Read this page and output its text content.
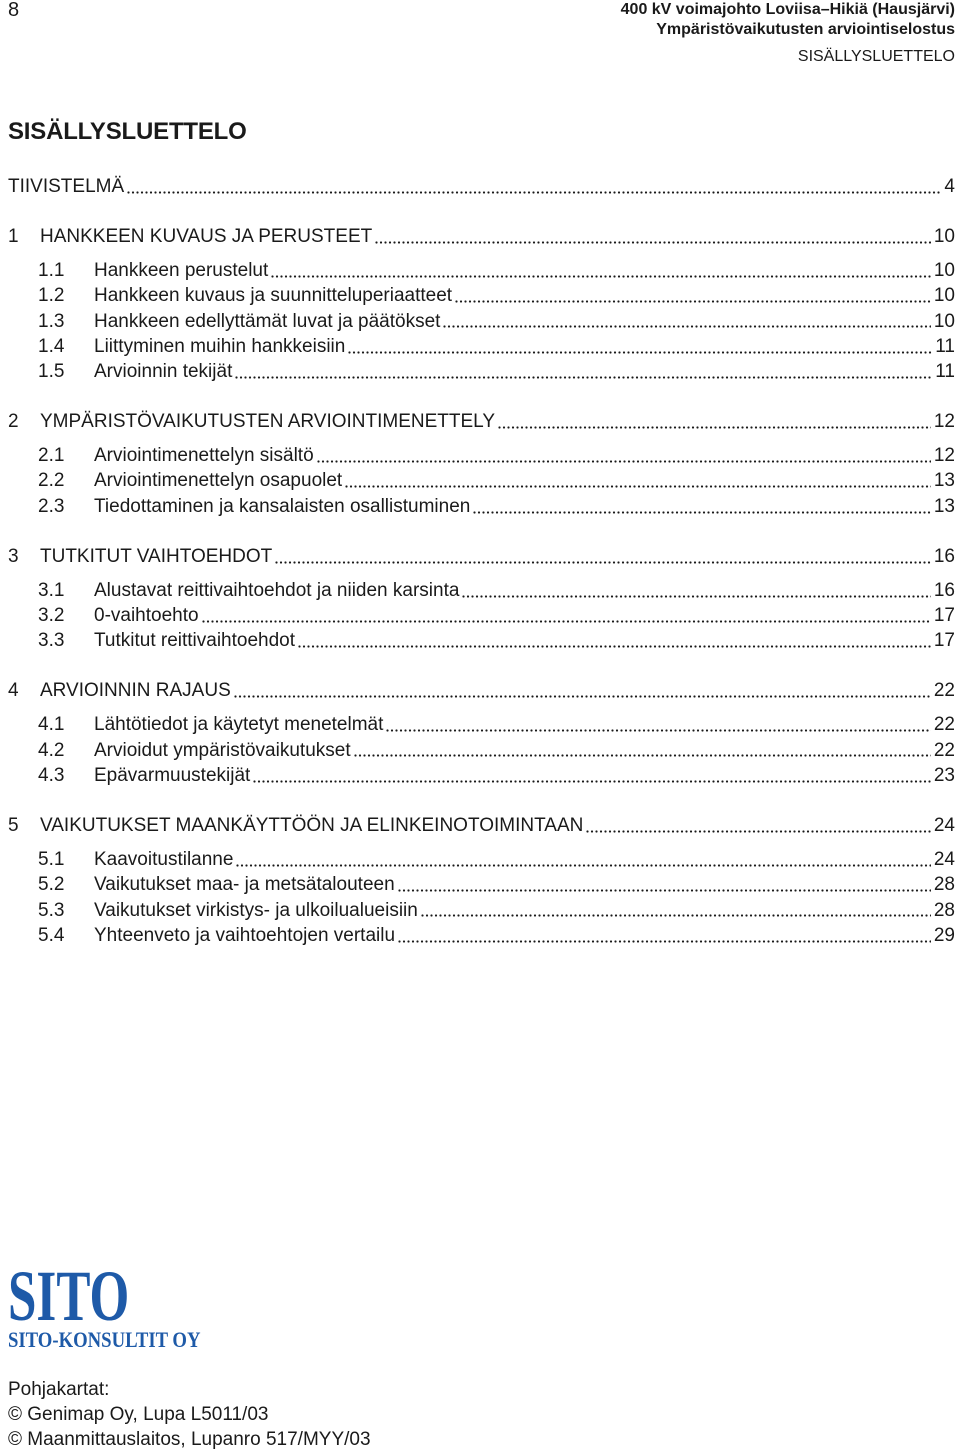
8	400 kV voimajohto Loviisa–Hikiä (Hausjärvi)
Ympäristövaikutusten arviointiselostus
SISÄLLYSLUETTELO
SISÄLLYSLUETTELO
TIIVISTELMÄ	4
1	HANKKEEN KUVAUS JA PERUSTEET	10
1.1	Hankkeen perustelut	10
1.2	Hankkeen kuvaus ja suunnitteluperiaatteet	10
1.3	Hankkeen edellyttämät luvat ja päätökset	10
1.4	Liittyminen muihin hankkeisiin	11
1.5	Arvioinnin tekijät	11
2	YMPÄRISTÖVAIKUTUSTEN ARVIOINTIMENETTELY	12
2.1	Arviointimenettelyn sisältö	12
2.2	Arviointimenettelyn osapuolet	13
2.3	Tiedottaminen ja kansalaisten osallistuminen	13
3	TUTKITUT VAIHTOEHDOT	16
3.1	Alustavat reittivaihtoehdot ja niiden karsinta	16
3.2	0-vaihtoehto	17
3.3	Tutkitut reittivaihtoehdot	17
4	ARVIOINNIN RAJAUS	22
4.1	Lähtötiedot ja käytetyt menetelmät	22
4.2	Arvioidut ympäristövaikutukset	22
4.3	Epävarmuustekijät	23
5	VAIKUTUKSET MAANKÄYTTÖÖN JA ELINKEINOTOIMINTAAN	24
5.1	Kaavoitustilanne	24
5.2	Vaikutukset maa- ja metsätalouteen	28
5.3	Vaikutukset virkistys- ja ulkoilualueisiin	28
5.4	Yhteenveto ja vaihtoehtojen vertailu	29
SITO
SITO-KONSULTIT OY
Pohjakartat:
© Genimap Oy, Lupa L5011/03
© Maanmittauslaitos, Lupanro 517/MYY/03
